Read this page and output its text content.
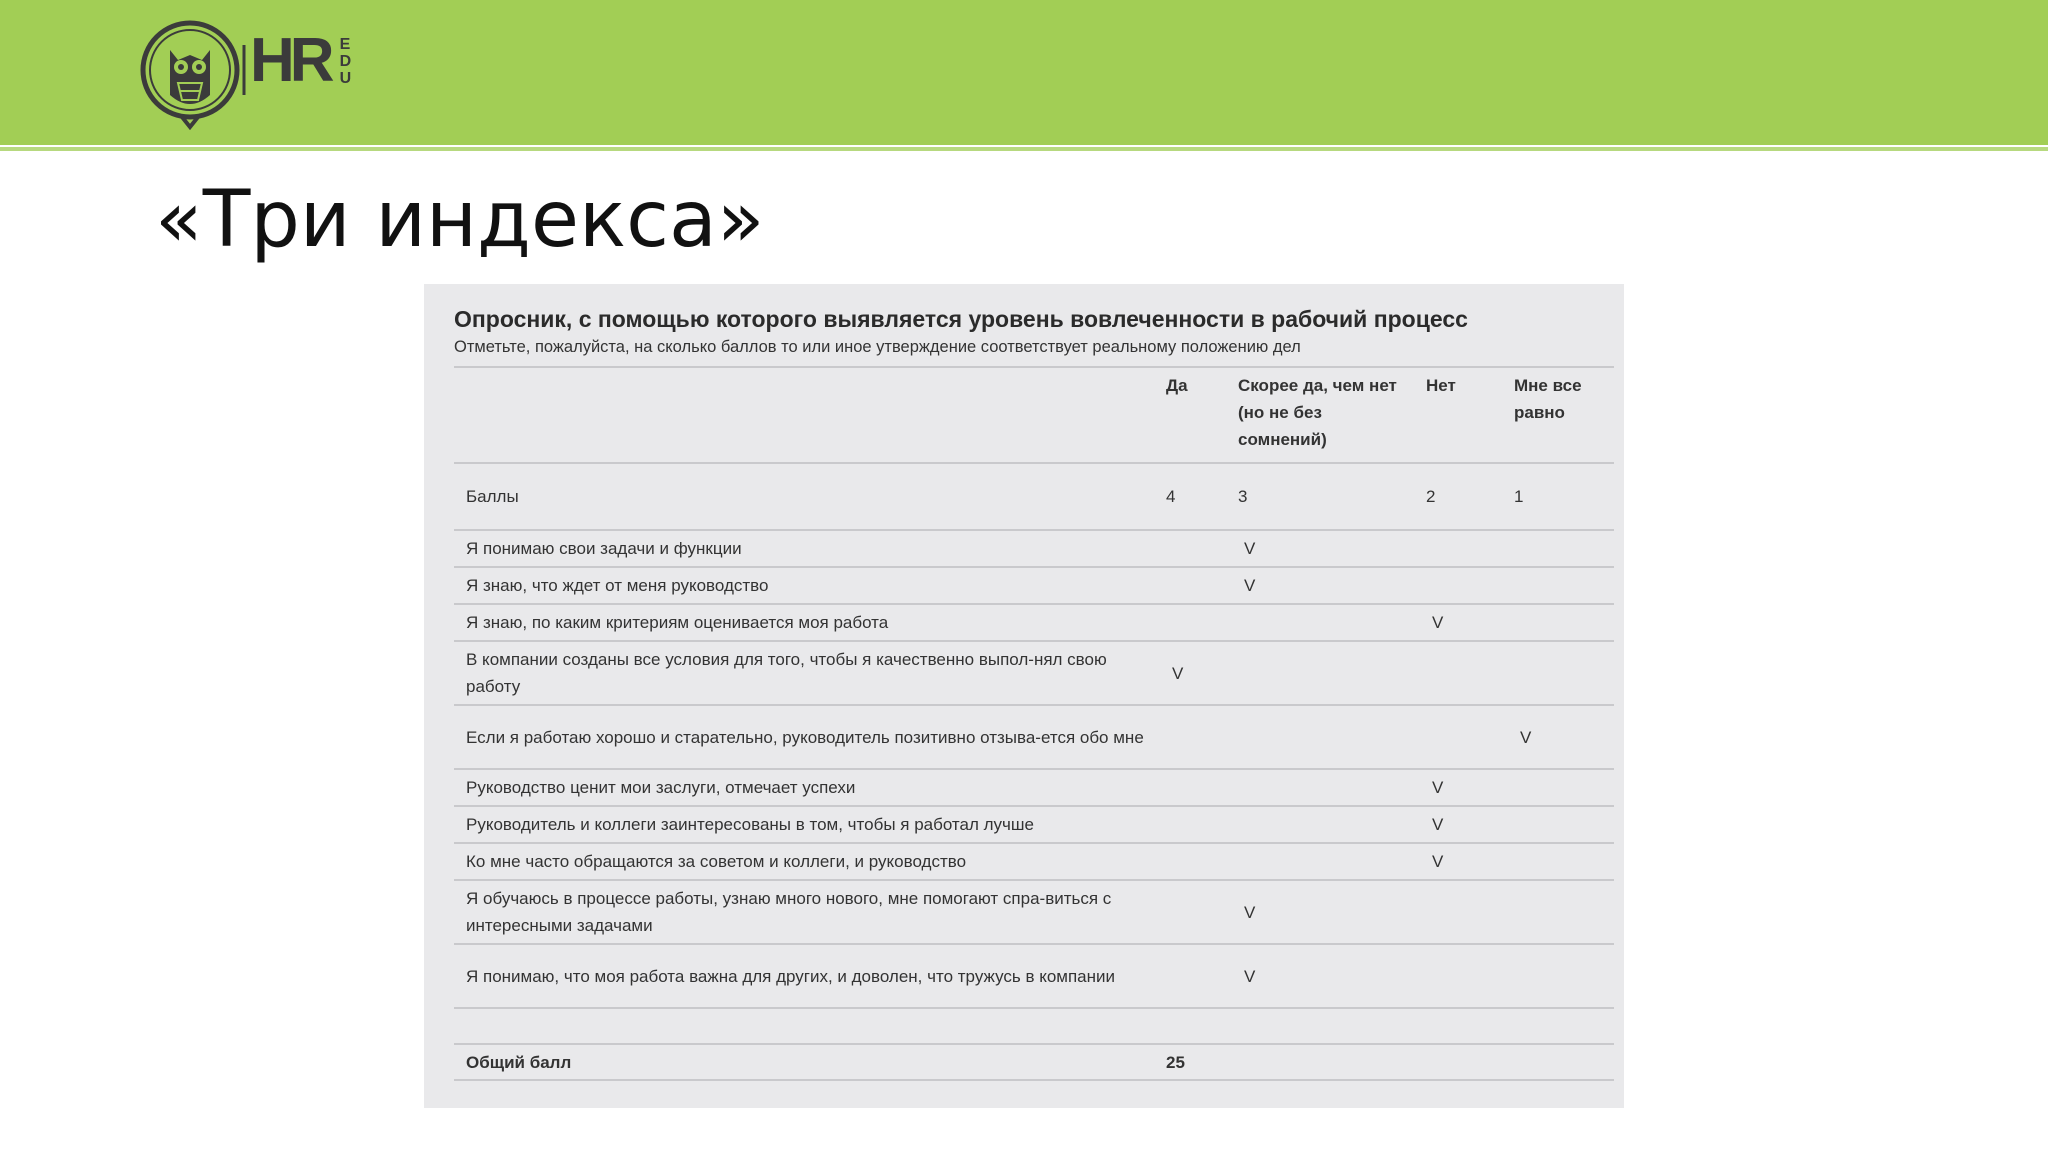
HR E
D
U
«Три индекса»
Опросник, с помощью которого выявляется уровень вовлеченности в рабочий процесс
Отметьте, пожалуйста, на сколько баллов то или иное утверждение соответствует реальному положению дел
	Да	Скорее да, чем нет (но не без сомнений)	Нет	Мне все равно
Баллы	4	3	2	1
Я понимаю свои задачи и функции		V		
Я знаю, что ждет от меня руководство		V		
Я знаю, по каким критериям оценивается моя работа			V	
В компании созданы все условия для того, чтобы я качественно выпол-нял свою работу	V			
Если я работаю хорошо и старательно, руководитель позитивно отзыва-ется обо мне				V
Руководство ценит мои заслуги, отмечает успехи			V	
Руководитель и коллеги заинтересованы в том, чтобы я работал лучше			V	
Ко мне часто обращаются за советом и коллеги, и руководство			V	
Я обучаюсь в процессе работы, узнаю много нового, мне помогают спра-виться с интересными задачами		V		
Я понимаю, что моя работа важна для других, и доволен, что тружусь в компании		V		

Общий балл	25			
